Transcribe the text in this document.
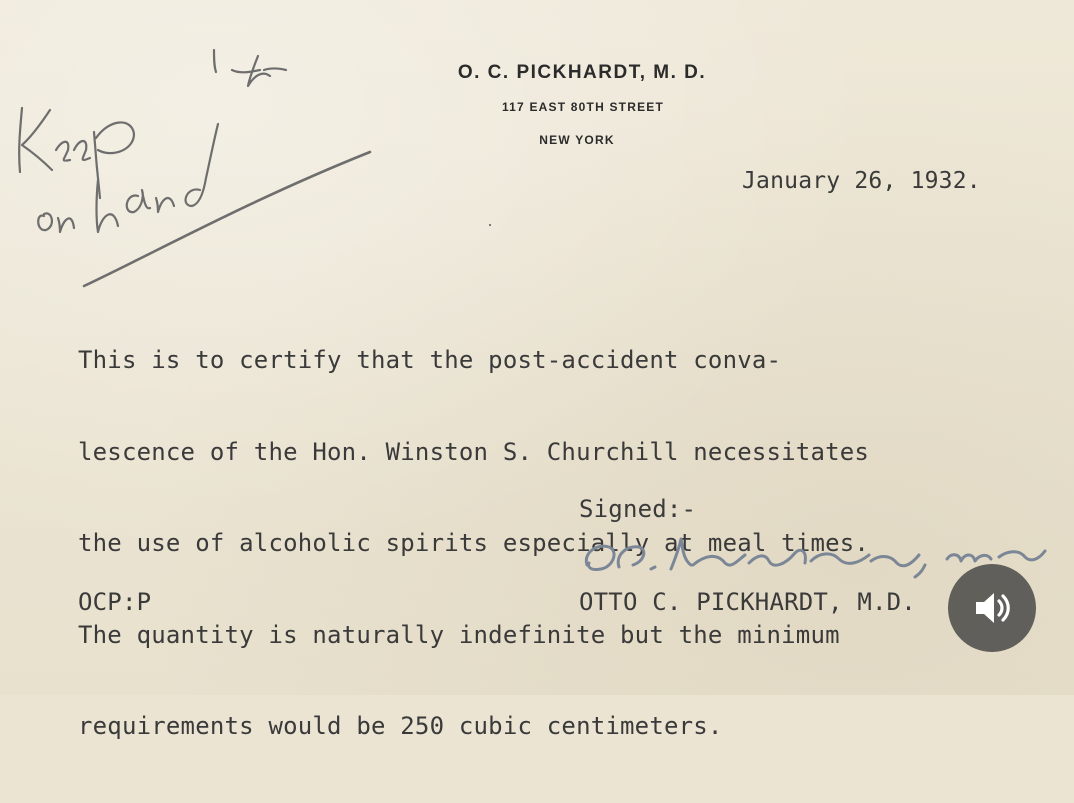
O. C. PICKHARDT, M. D.
117 EAST 80TH STREET
NEW YORK
January 26, 1932.

This is to certify that the post-accident conva-

lescence of the Hon. Winston S. Churchill necessitates

the use of alcoholic spirits especially at meal times.

The quantity is naturally indefinite but the minimum

requirements would be 250 cubic centimeters.

Signed:-
OCP:P	OTTO C. PICKHARDT, M.D.
